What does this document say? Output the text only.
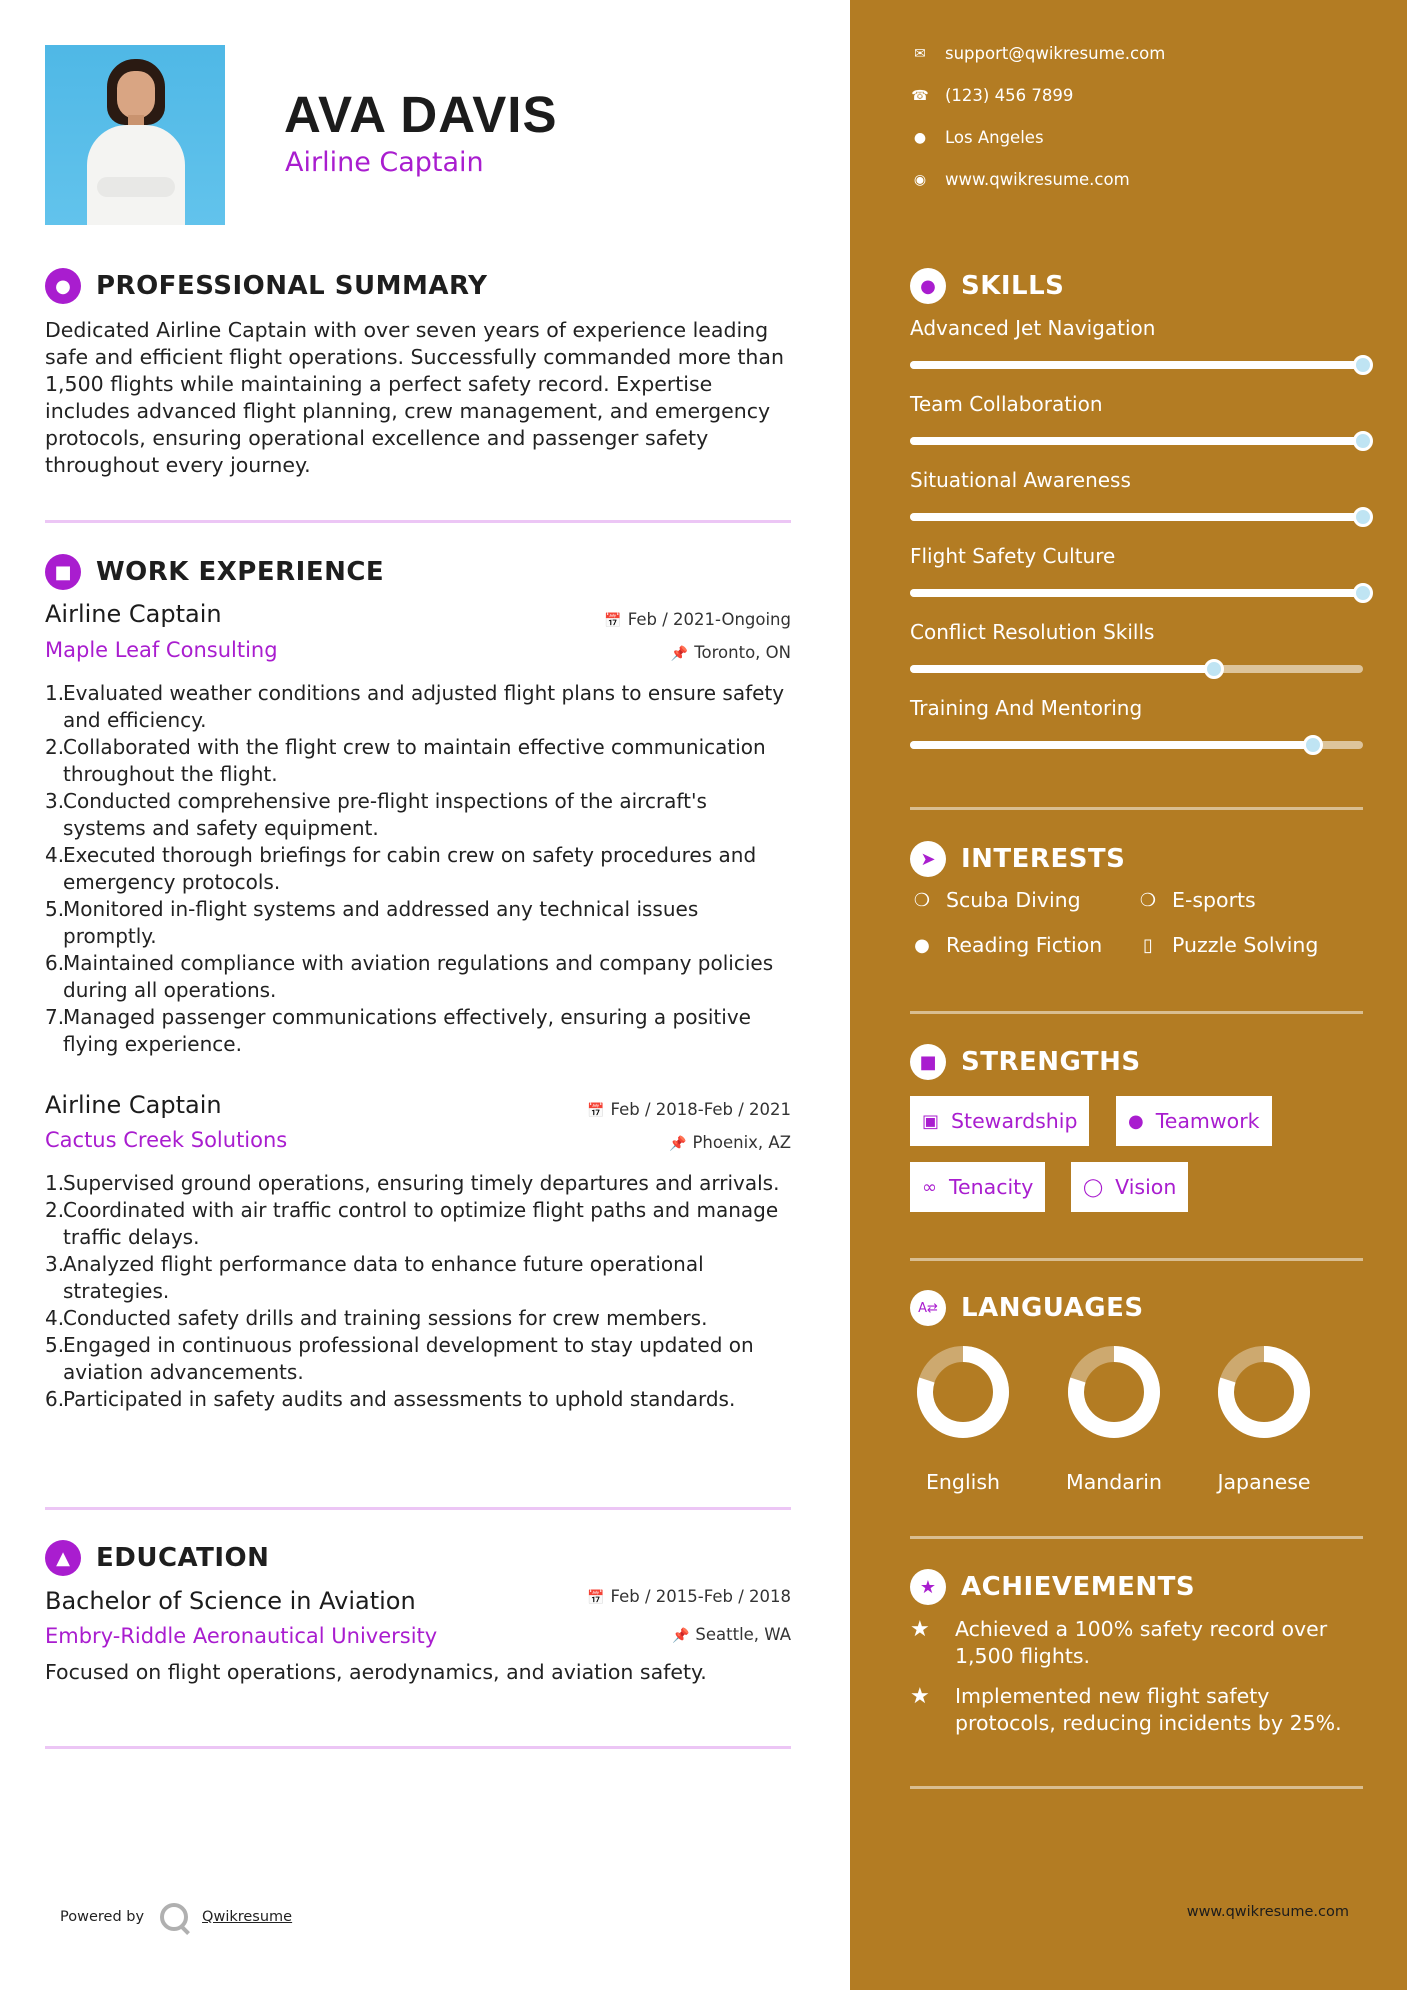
AVA DAVIS
Airline Captain
● PROFESSIONAL SUMMARY
Dedicated Airline Captain with over seven years of experience leading safe and efficient flight operations. Successfully commanded more than 1,500 flights while maintaining a perfect safety record. Expertise includes advanced flight planning, crew management, and emergency protocols, ensuring operational excellence and passenger safety throughout every journey.
■ WORK EXPERIENCE
Airline Captain	📅 Feb / 2021-Ongoing
Maple Leaf Consulting	📌 Toronto, ON
1.
Evaluated weather conditions and adjusted flight plans to ensure safety and efficiency.
2.
Collaborated with the flight crew to maintain effective communication throughout the flight.
3.
Conducted comprehensive pre-flight inspections of the aircraft's systems and safety equipment.
4.
Executed thorough briefings for cabin crew on safety procedures and emergency protocols.
5.
Monitored in-flight systems and addressed any technical issues promptly.
6.
Maintained compliance with aviation regulations and company policies during all operations.
7.
Managed passenger communications effectively, ensuring a positive flying experience.
Airline Captain	📅 Feb / 2018-Feb / 2021
Cactus Creek Solutions	📌 Phoenix, AZ
1.
Supervised ground operations, ensuring timely departures and arrivals.
2.
Coordinated with air traffic control to optimize flight paths and manage traffic delays.
3.
Analyzed flight performance data to enhance future operational strategies.
4.
Conducted safety drills and training sessions for crew members.
5.
Engaged in continuous professional development to stay updated on aviation advancements.
6.
Participated in safety audits and assessments to uphold standards.
▲	EDUCATION
Bachelor of Science in Aviation	📅 Feb / 2015-Feb / 2018
Embry-Riddle Aeronautical University	📌 Seattle, WA
Focused on flight operations, aerodynamics, and aviation safety.
Powered by	Qwikresume
✉ support@qwikresume.com
☎ (123) 456 7899
● Los Angeles
◉ www.qwikresume.com
● SKILLS
Advanced Jet Navigation
Team Collaboration
Situational Awareness
Flight Safety Culture
Conflict Resolution Skills
Training And Mentoring
➤ INTERESTS
❍ Scuba Diving	❍ E-sports
● Reading Fiction	▯ Puzzle Solving
■ STRENGTHS
▣ Stewardship	● Teamwork
∞ Tenacity	◯ Vision
A⇄ LANGUAGES
English	Mandarin	Japanese
★ ACHIEVEMENTS
★	Achieved a 100% safety record over 1,500 flights.
★	Implemented new flight safety protocols, reducing incidents by 25%.
www.qwikresume.com
